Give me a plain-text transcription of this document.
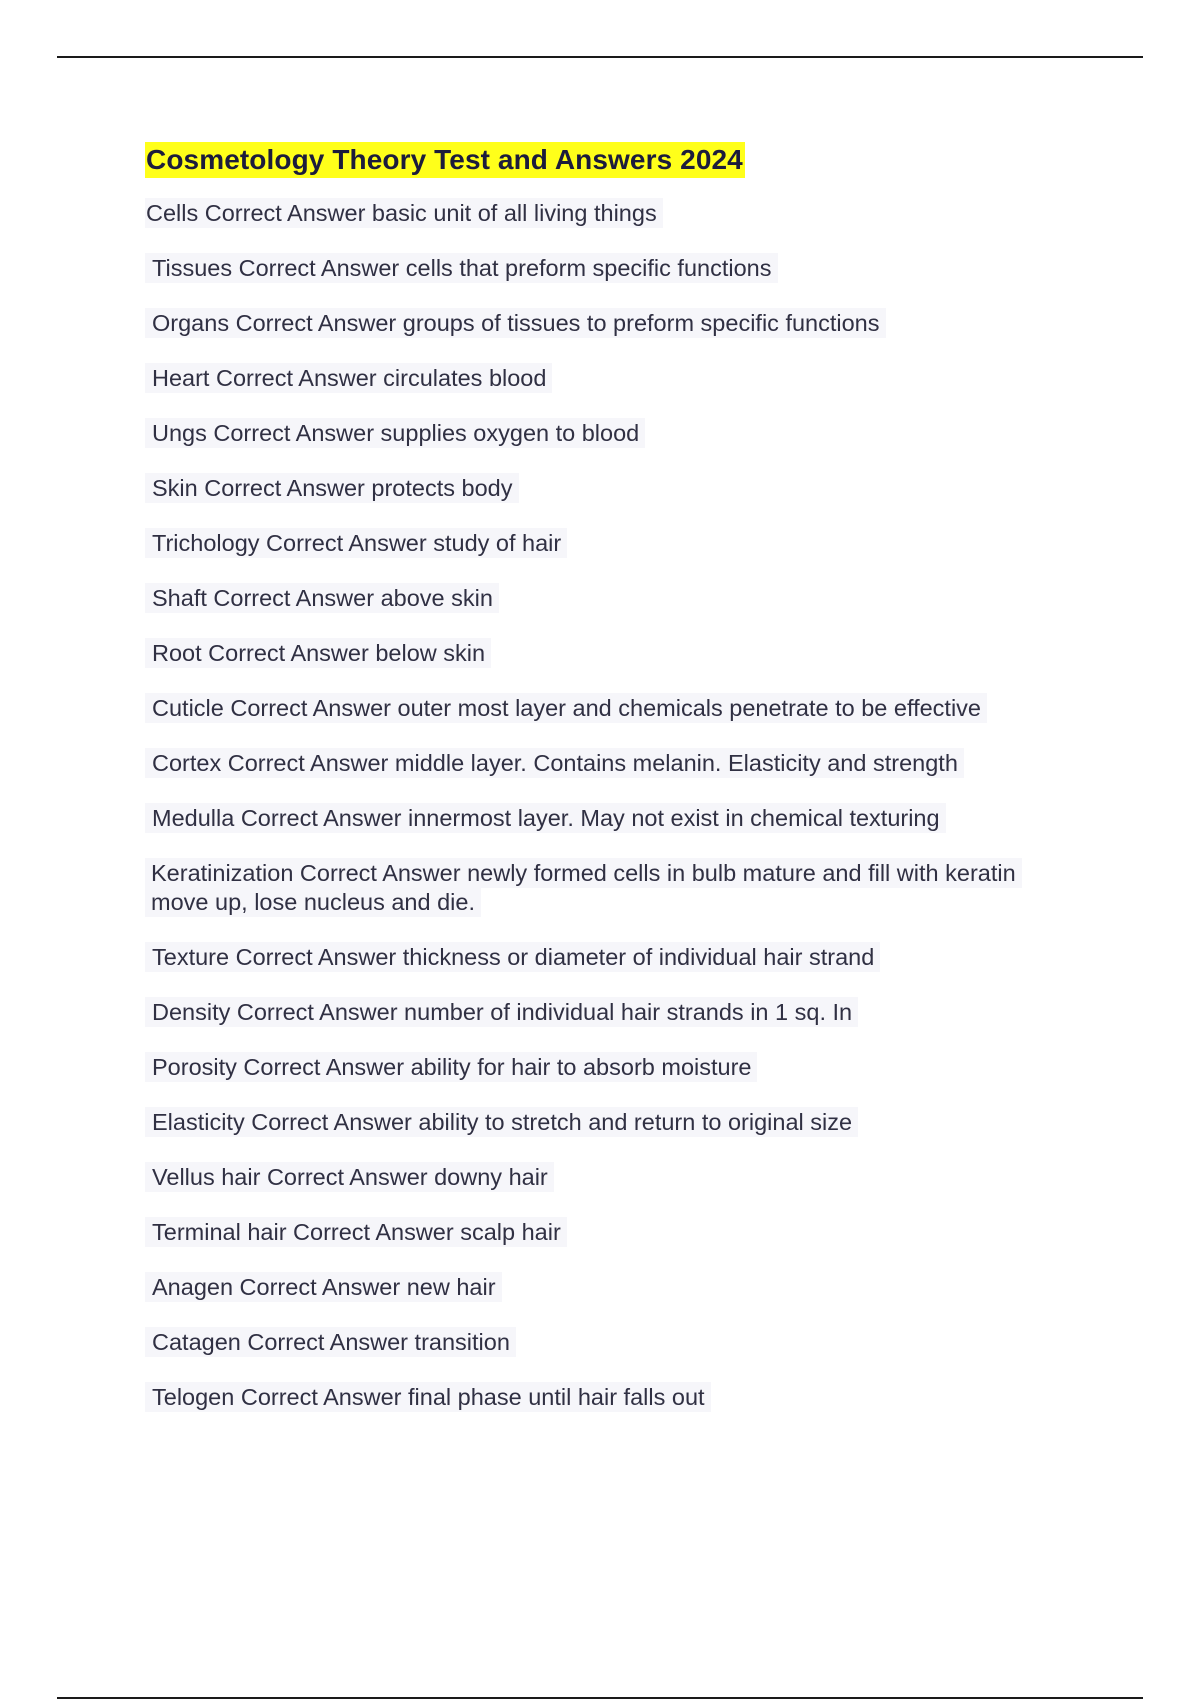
Cosmetology Theory Test and Answers 2024
Cells Correct Answer basic unit of all living things
Tissues Correct Answer cells that preform specific functions
Organs Correct Answer groups of tissues to preform specific functions
Heart Correct Answer circulates blood
Ungs Correct Answer supplies oxygen to blood
Skin Correct Answer protects body
Trichology Correct Answer study of hair
Shaft Correct Answer above skin
Root Correct Answer below skin
Cuticle Correct Answer outer most layer and chemicals penetrate to be effective
Cortex Correct Answer middle layer. Contains melanin. Elasticity and strength
Medulla Correct Answer innermost layer. May not exist in chemical texturing
Keratinization Correct Answer newly formed cells in bulb mature and fill with keratin move up, lose nucleus and die.
Texture Correct Answer thickness or diameter of individual hair strand
Density Correct Answer number of individual hair strands in 1 sq. In
Porosity Correct Answer ability for hair to absorb moisture
Elasticity Correct Answer ability to stretch and return to original size
Vellus hair Correct Answer downy hair
Terminal hair Correct Answer scalp hair
Anagen Correct Answer new hair
Catagen Correct Answer transition
Telogen Correct Answer final phase until hair falls out
